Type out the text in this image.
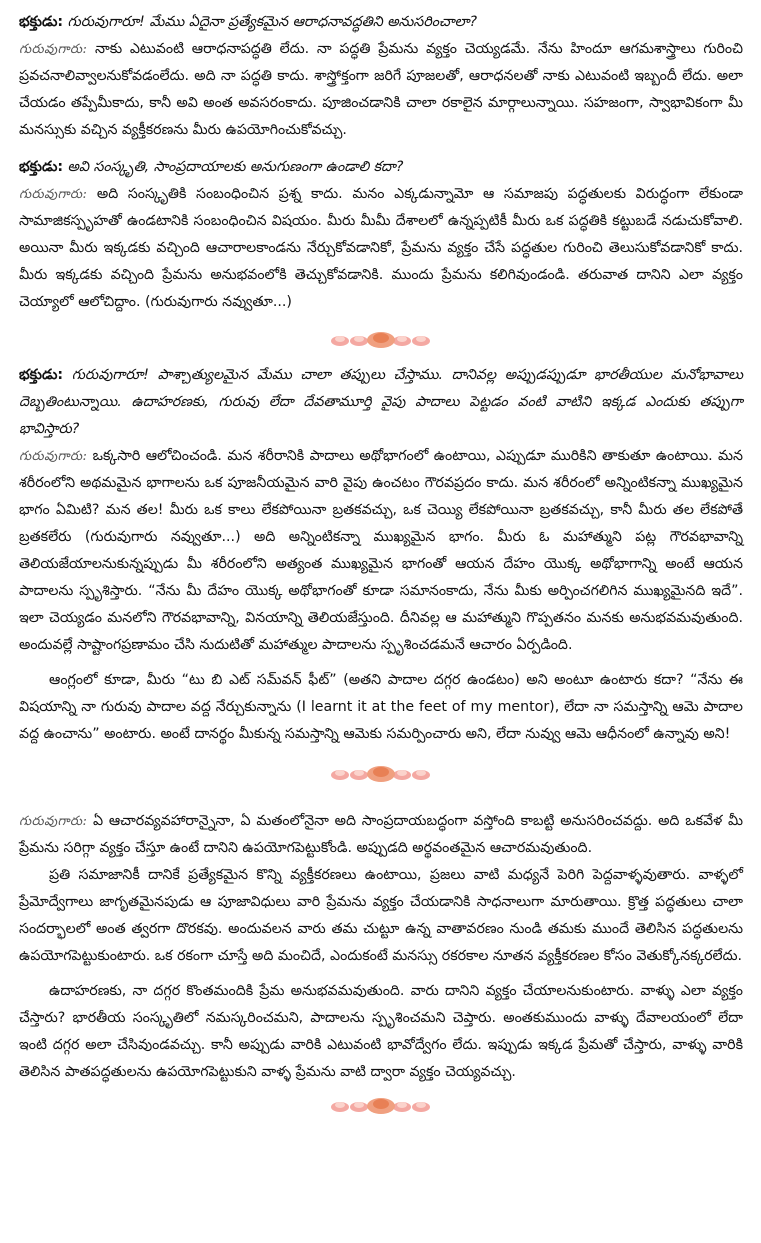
భక్తుడు: గురువుగారూ! మేము ఏదైనా ప్రత్యేకమైన ఆరాధనావద్ధతిని అనుసరించాలా?

గురువుగారు: నాకు ఎటువంటి ఆరాధనాపద్ధతి లేదు. నా పద్ధతి ప్రేమను వ్యక్తం చెయ్యడమే. నేను హిందూ ఆగమశాస్త్రాలు గురించి ప్రవచనాలివ్వాలనుకోవడంలేదు. అది నా పద్ధతి కాదు. శాస్త్రోక్తంగా జరిగే పూజలతో, ఆరాధనలతో నాకు ఎటువంటి ఇబ్బందీ లేదు. అలా చేయడం తప్పేమీకాదు, కానీ అవి అంత అవసరంకాదు. పూజించడానికి చాలా రకాలైన మార్గాలున్నాయి. సహజంగా, స్వాభావికంగా మీ మనస్సుకు వచ్చిన వ్యక్తీకరణను మీరు ఉపయోగించుకోవచ్చు.

భక్తుడు: అవి సంస్కృతి, సాంప్రదాయాలకు అనుగుణంగా ఉండాలి కదా?

గురువుగారు: అది సంస్కృతికి సంబంధించిన ప్రశ్న కాదు. మనం ఎక్కడున్నామో ఆ సమాజపు పద్ధతులకు విరుద్ధంగా లేకుండా సామాజికస్పృహతో ఉండటానికి సంబంధించిన విషయం. మీరు మీమీ దేశాలలో ఉన్నప్పటికీ మీరు ఒక పద్ధతికి కట్టుబడే నడుచుకోవాలి. అయినా మీరు ఇక్కడకు వచ్చింది ఆచారాలకాండను నేర్చుకోవడానికో, ప్రేమను వ్యక్తం చేసే పద్ధతుల గురించి తెలుసుకోవడానికో కాదు. మీరు ఇక్కడకు వచ్చింది ప్రేమను అనుభవంలోకి తెచ్చుకోవడానికి. ముందు ప్రేమను కలిగివుండండి. తరువాత దానిని ఎలా వ్యక్తం చెయ్యాలో ఆలోచిద్దాం. (గురువుగారు నవ్వుతూ...)

భక్తుడు: గురువుగారూ! పాశ్చాత్యులమైన మేము చాలా తప్పులు చేస్తాము. దానివల్ల అప్పుడప్పుడూ భారతీయుల మనోభావాలు దెబ్బతింటున్నాయి. ఉదాహరణకు, గురువు లేదా దేవతామూర్తి వైపు పాదాలు పెట్టడం వంటి వాటిని ఇక్కడ ఎందుకు తప్పుగా భావిస్తారు?

గురువుగారు: ఒక్కసారి ఆలోచించండి. మన శరీరానికి పాదాలు అథోభాగంలో ఉంటాయి, ఎప్పుడూ మురికిని తాకుతూ ఉంటాయి. మన శరీరంలోని అథమమైన భాగాలను ఒక పూజనీయమైన వారి వైపు ఉంచటం గౌరవప్రదం కాదు. మన శరీరంలో అన్నింటికన్నా ముఖ్యమైన భాగం ఏమిటి? మన తల! మీరు ఒక కాలు లేకపోయినా బ్రతకవచ్చు, ఒక చెయ్యి లేకపోయినా బ్రతకవచ్చు, కానీ మీరు తల లేకపోతే బ్రతకలేరు (గురువుగారు నవ్వుతూ...) అది అన్నింటికన్నా ముఖ్యమైన భాగం. మీరు ఓ మహాత్ముని పట్ల గౌరవభావాన్ని తెలియజేయాలనుకున్నప్పుడు మీ శరీరంలోని అత్యంత ముఖ్యమైన భాగంతో ఆయన దేహం యొక్క అథోభాగాన్ని అంటే ఆయన పాదాలను స్పృశిస్తారు. “నేను మీ దేహం యొక్క అథోభాగంతో కూడా సమానంకాదు, నేను మీకు అర్పించగలిగిన ముఖ్యమైనది ఇదే”. ఇలా చెయ్యడం మనలోని గౌరవభావాన్ని, వినయాన్ని తెలియజేస్తుంది. దీనివల్ల ఆ మహాత్ముని గొప్పతనం మనకు అనుభవమవుతుంది. అందువల్లే సాష్టాంగప్రణామం చేసి నుదుటితో మహాత్ముల పాదాలను స్పృశించడమనే ఆచారం ఏర్పడింది.

ఆంగ్లంలో కూడా, మీరు “టు బి ఎట్ సమ్‌వన్ ఫీట్” (అతని పాదాల దగ్గర ఉండటం) అని అంటూ ఉంటారు కదా? “నేను ఈ విషయాన్ని నా గురువు పాదాల వద్ద నేర్చుకున్నాను (I learnt it at the feet of my mentor), లేదా నా సమస్తాన్ని ఆమె పాదాల వద్ద ఉంచాను” అంటారు. అంటే దానర్థం మీకున్న సమస్తాన్ని ఆమెకు సమర్పించారు అని, లేదా నువ్వు ఆమె ఆధీనంలో ఉన్నావు అని!

గురువుగారు: ఏ ఆచారవ్యవహారాన్నైనా, ఏ మతంలోనైనా అది సాంప్రదాయబద్ధంగా వస్తోంది కాబట్టి అనుసరించవద్దు. అది ఒకవేళ మీ ప్రేమను సరిగ్గా వ్యక్తం చేస్తూ ఉంటే దానిని ఉపయోగపెట్టుకోండి. అప్పుడది అర్థవంతమైన ఆచారమవుతుంది.

ప్రతి సమాజానికీ దానికే ప్రత్యేకమైన కొన్ని వ్యక్తీకరణలు ఉంటాయి, ప్రజలు వాటి మధ్యనే పెరిగి పెద్దవాళ్ళవుతారు. వాళ్ళలో ప్రేమోద్వేగాలు జాగృతమైనపుడు ఆ పూజావిధులు వారి ప్రేమను వ్యక్తం చేయడానికి సాధనాలుగా మారుతాయి. క్రొత్త పద్ధతులు చాలా సందర్భాలలో అంత త్వరగా దొరకవు. అందువలన వారు తమ చుట్టూ ఉన్న వాతావరణం నుండి తమకు ముందే తెలిసిన పద్ధతులను ఉపయోగపెట్టుకుంటారు. ఒక రకంగా చూస్తే అది మంచిదే, ఎందుకంటే మనస్సు రకరకాల నూతన వ్యక్తీకరణల కోసం వెతుక్కోనక్కరలేదు.

ఉదాహరణకు, నా దగ్గర కొంతమందికి ప్రేమ అనుభవమవుతుంది. వారు దానిని వ్యక్తం చేయాలనుకుంటారు. వాళ్ళు ఎలా వ్యక్తం చేస్తారు? భారతీయ సంస్కృతిలో నమస్కరించమని, పాదాలను స్పృశించమని చెప్తారు. అంతకుముందు వాళ్ళు దేవాలయంలో లేదా ఇంటి దగ్గర అలా చేసివుండవచ్చు. కానీ అప్పుడు వారికి ఎటువంటి భావోద్వేగం లేదు. ఇప్పుడు ఇక్కడ ప్రేమతో చేస్తారు, వాళ్ళు వారికి తెలిసిన పాతపద్ధతులను ఉపయోగపెట్టుకుని వాళ్ళ ప్రేమను వాటి ద్వారా వ్యక్తం చెయ్యవచ్చు.
